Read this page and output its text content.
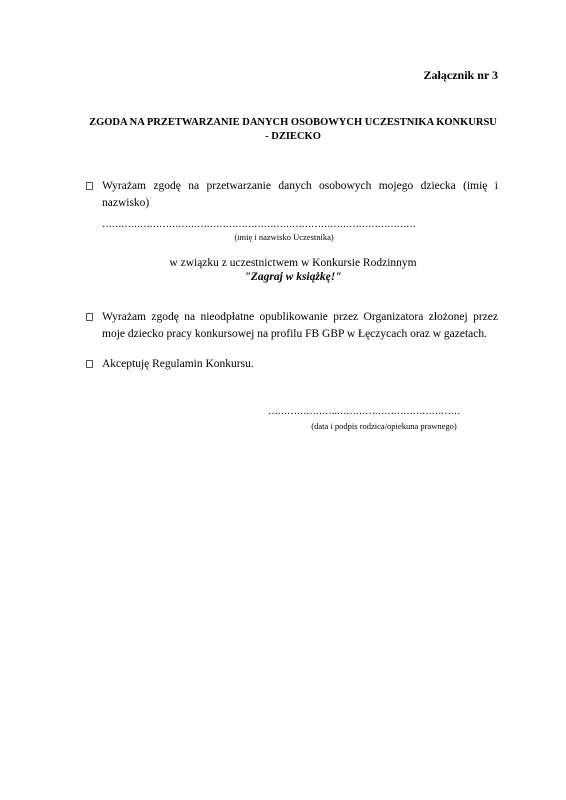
Załącznik nr 3
ZGODA NA PRZETWARZANIE DANYCH OSOBOWYCH UCZESTNIKA KONKURSU
- DZIECKO
Wyrażam zgodę na przetwarzanie danych osobowych mojego dziecka (imię i nazwisko)
………………………………………………………………………………………
(imię i nazwisko Uczestnika)
w związku z uczestnictwem w Konkursie Rodzinnym
"Zagraj w książkę!"
Wyrażam zgodę na nieodpłatne opublikowanie przez Organizatora złożonej przez moje dziecko pracy konkursowej na profilu FB GBP w Łęczycach oraz w gazetach.
Akceptuję Regulamin Konkursu.
………………….…………………………………
(data i podpis rodzica/opiekuna prawnego)
